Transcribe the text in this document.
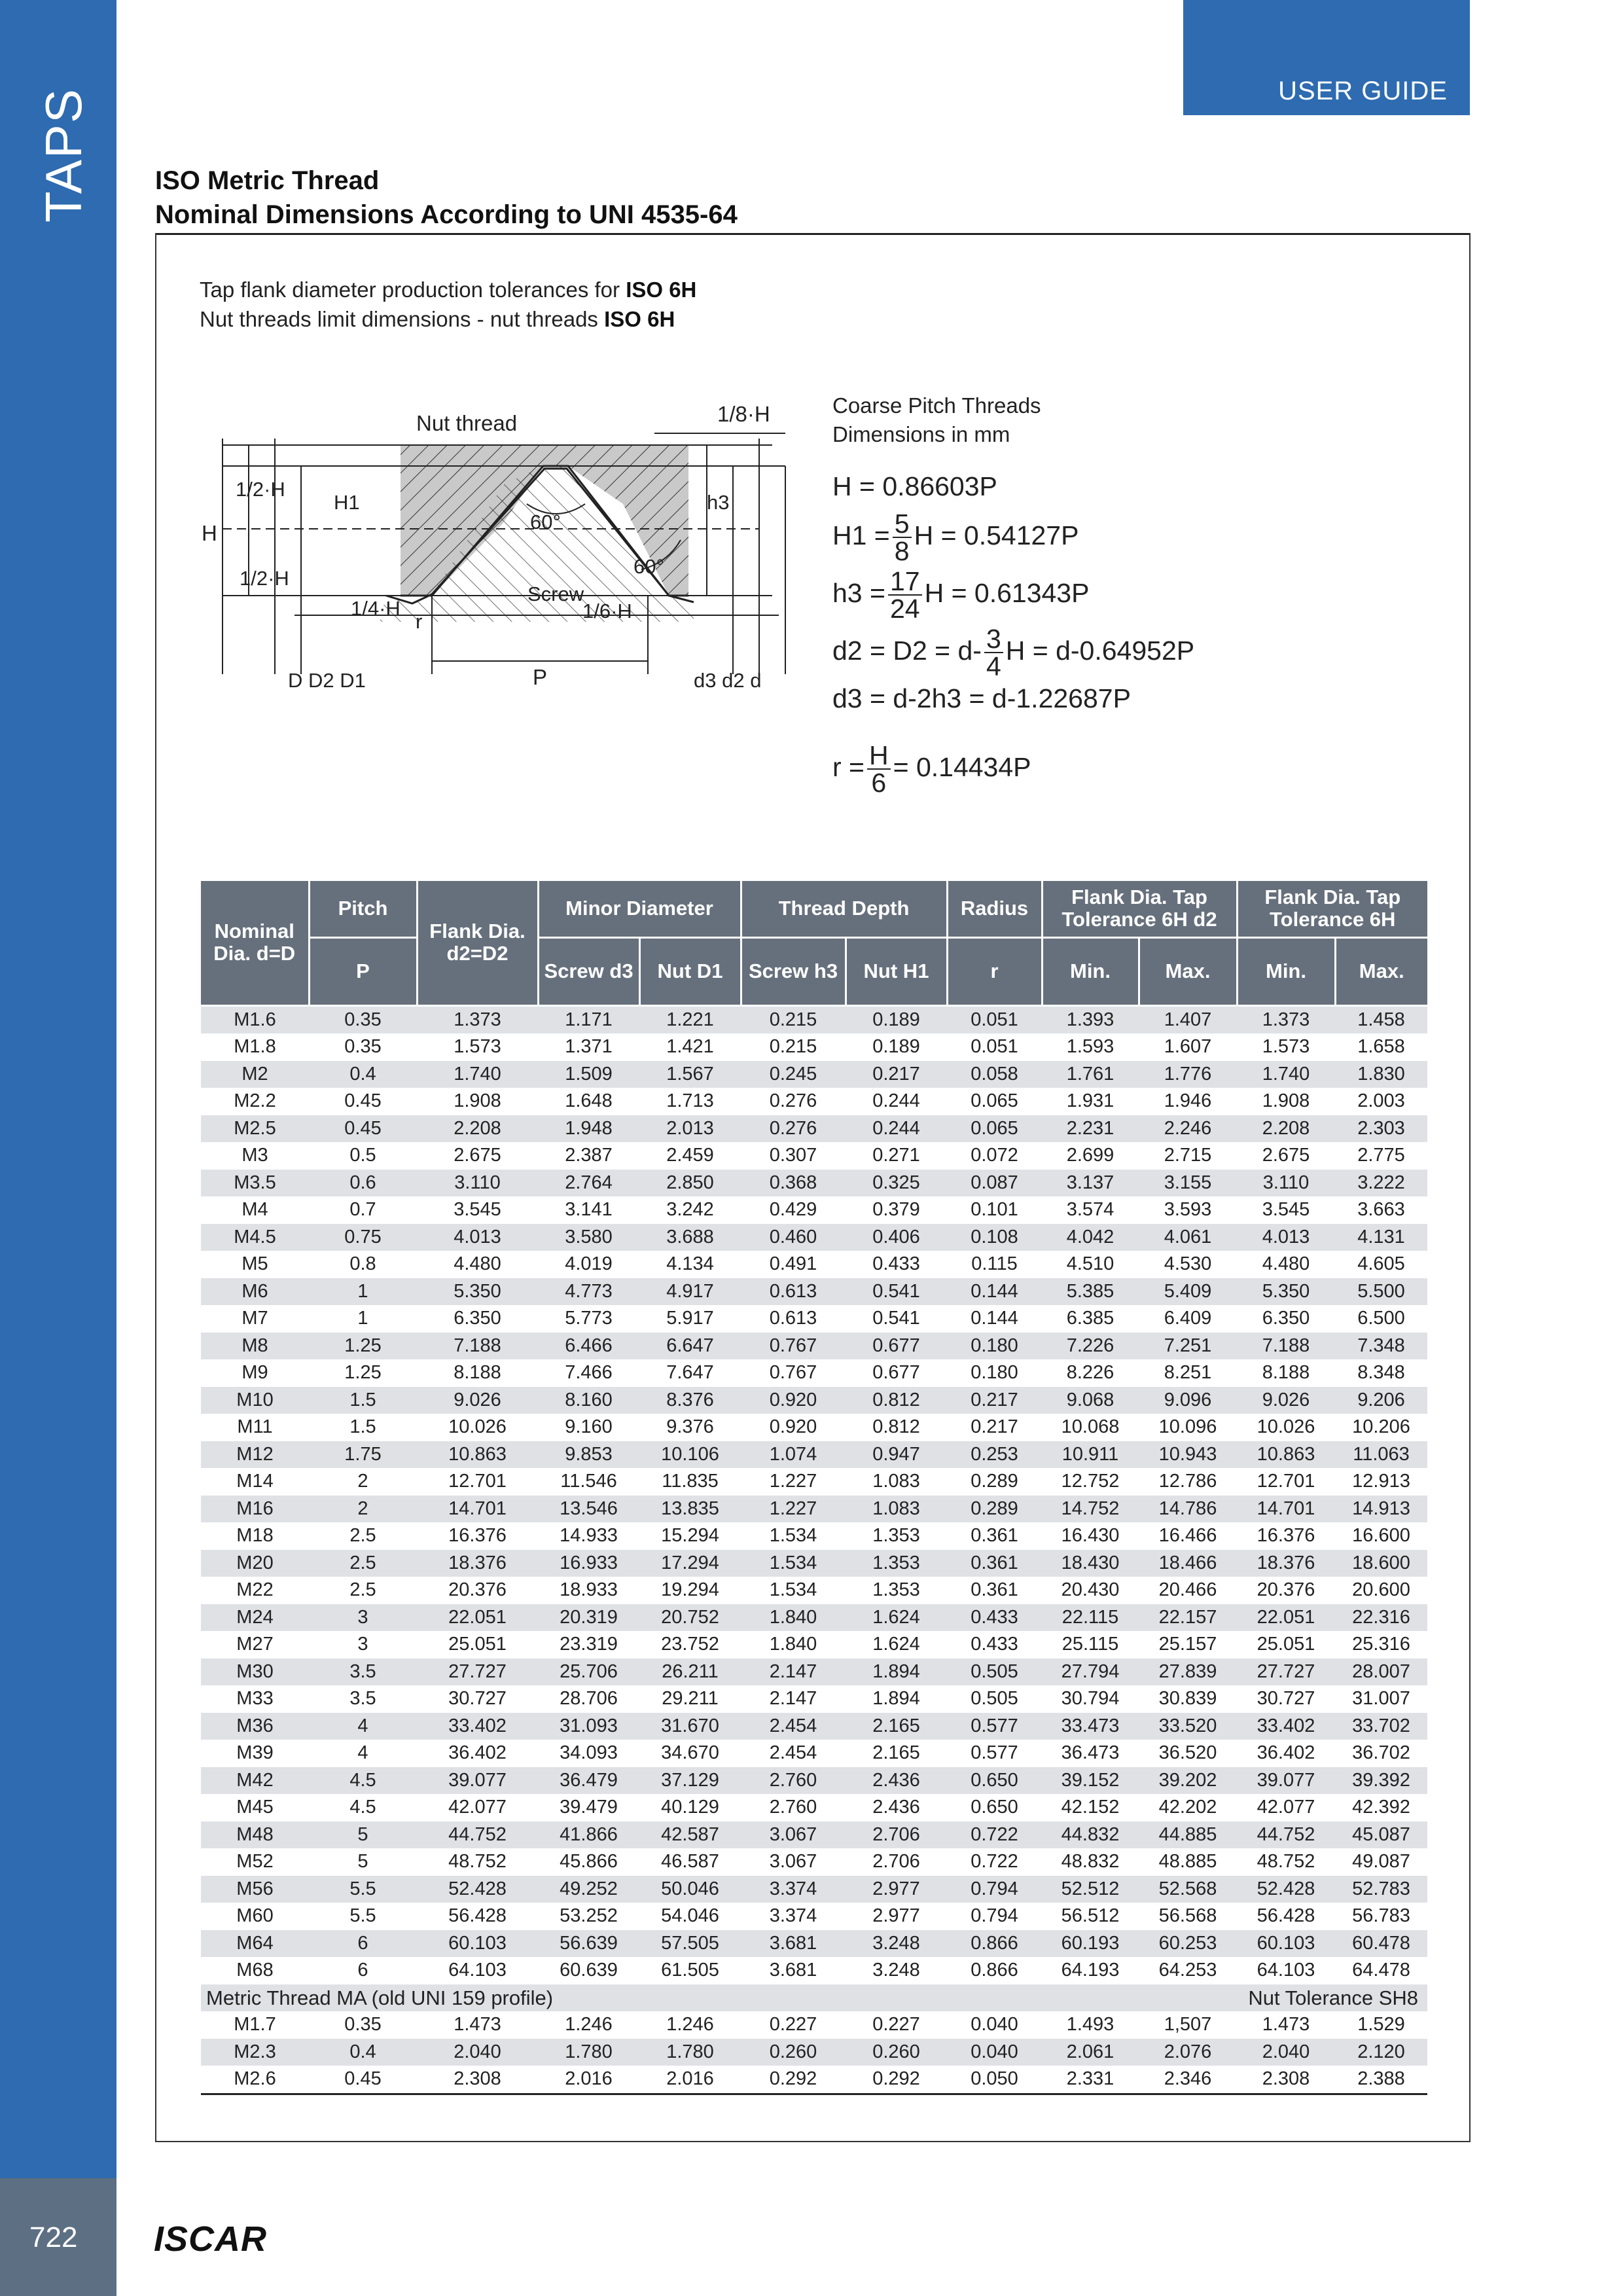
TAPS
722
USER GUIDE
ISO Metric Thread
Nominal Dimensions According to UNI 4535-64
Tap flank diameter production tolerances for ISO 6H
Nut threads limit dimensions - nut threads ISO 6H
Nut thread	1/8·H
1/2·H
H
H1	h3
60°
1/2·H
60°
Screw
1/4·H	1/6·H
r
D D2 D1	P	d3 d2 d
Coarse Pitch Threads
Dimensions in mm
H = 0.86603P
$H1 = \frac{5}{8}$ H = 0.54127P
$h3 = \frac{17}{24}$ H = 0.61343P
$d2 = D2 = d- \frac{3}{4}$ H = d-0.64952P
d3 = d-2h3 = d-1.22687P
$r = \frac{H}{6} = 0.14434P$
Nominal Dia. d=D	Pitch	Flank Dia. d2=D2	Minor Diameter		Thread Depth		Radius	Flank Dia. Tap Tolerance 6H d2		Flank Dia. Tap Tolerance 6H	
	P		Screw d3	Nut D1	Screw h3	Nut H1	r	Min.	Max.	Min.	Max.
M1.6	0.35	1.373	1.171	1.221	0.215	0.189	0.051	1.393	1.407	1.373	1.458
M1.8	0.35	1.573	1.371	1.421	0.215	0.189	0.051	1.593	1.607	1.573	1.658
M2	0.4	1.740	1.509	1.567	0.245	0.217	0.058	1.761	1.776	1.740	1.830
M2.2	0.45	1.908	1.648	1.713	0.276	0.244	0.065	1.931	1.946	1.908	2.003
M2.5	0.45	2.208	1.948	2.013	0.276	0.244	0.065	2.231	2.246	2.208	2.303
M3	0.5	2.675	2.387	2.459	0.307	0.271	0.072	2.699	2.715	2.675	2.775
M3.5	0.6	3.110	2.764	2.850	0.368	0.325	0.087	3.137	3.155	3.110	3.222
M4	0.7	3.545	3.141	3.242	0.429	0.379	0.101	3.574	3.593	3.545	3.663
M4.5	0.75	4.013	3.580	3.688	0.460	0.406	0.108	4.042	4.061	4.013	4.131
M5	0.8	4.480	4.019	4.134	0.491	0.433	0.115	4.510	4.530	4.480	4.605
M6	1	5.350	4.773	4.917	0.613	0.541	0.144	5.385	5.409	5.350	5.500
M7	1	6.350	5.773	5.917	0.613	0.541	0.144	6.385	6.409	6.350	6.500
M8	1.25	7.188	6.466	6.647	0.767	0.677	0.180	7.226	7.251	7.188	7.348
M9	1.25	8.188	7.466	7.647	0.767	0.677	0.180	8.226	8.251	8.188	8.348
M10	1.5	9.026	8.160	8.376	0.920	0.812	0.217	9.068	9.096	9.026	9.206
M11	1.5	10.026	9.160	9.376	0.920	0.812	0.217	10.068	10.096	10.026	10.206
M12	1.75	10.863	9.853	10.106	1.074	0.947	0.253	10.911	10.943	10.863	11.063
M14	2	12.701	11.546	11.835	1.227	1.083	0.289	12.752	12.786	12.701	12.913
M16	2	14.701	13.546	13.835	1.227	1.083	0.289	14.752	14.786	14.701	14.913
M18	2.5	16.376	14.933	15.294	1.534	1.353	0.361	16.430	16.466	16.376	16.600
M20	2.5	18.376	16.933	17.294	1.534	1.353	0.361	18.430	18.466	18.376	18.600
M22	2.5	20.376	18.933	19.294	1.534	1.353	0.361	20.430	20.466	20.376	20.600
M24	3	22.051	20.319	20.752	1.840	1.624	0.433	22.115	22.157	22.051	22.316
M27	3	25.051	23.319	23.752	1.840	1.624	0.433	25.115	25.157	25.051	25.316
M30	3.5	27.727	25.706	26.211	2.147	1.894	0.505	27.794	27.839	27.727	28.007
M33	3.5	30.727	28.706	29.211	2.147	1.894	0.505	30.794	30.839	30.727	31.007
M36	4	33.402	31.093	31.670	2.454	2.165	0.577	33.473	33.520	33.402	33.702
M39	4	36.402	34.093	34.670	2.454	2.165	0.577	36.473	36.520	36.402	36.702
M42	4.5	39.077	36.479	37.129	2.760	2.436	0.650	39.152	39.202	39.077	39.392
M45	4.5	42.077	39.479	40.129	2.760	2.436	0.650	42.152	42.202	42.077	42.392
M48	5	44.752	41.866	42.587	3.067	2.706	0.722	44.832	44.885	44.752	45.087
M52	5	48.752	45.866	46.587	3.067	2.706	0.722	48.832	48.885	48.752	49.087
M56	5.5	52.428	49.252	50.046	3.374	2.977	0.794	52.512	52.568	52.428	52.783
M60	5.5	56.428	53.252	54.046	3.374	2.977	0.794	56.512	56.568	56.428	56.783
M64	6	60.103	56.639	57.505	3.681	3.248	0.866	60.193	60.253	60.103	60.478
M68	6	64.103	60.639	61.505	3.681	3.248	0.866	64.193	64.253	64.103	64.478
Metric Thread MA (old UNI 159 profile)								Nut Tolerance SH8			
M1.7	0.35	1.473	1.246	1.246	0.227	0.227	0.040	1.493	1,507	1.473	1.529
M2.3	0.4	2.040	1.780	1.780	0.260	0.260	0.040	2.061	2.076	2.040	2.120
M2.6	0.45	2.308	2.016	2.016	0.292	0.292	0.050	2.331	2.346	2.308	2.388
ISCAR
